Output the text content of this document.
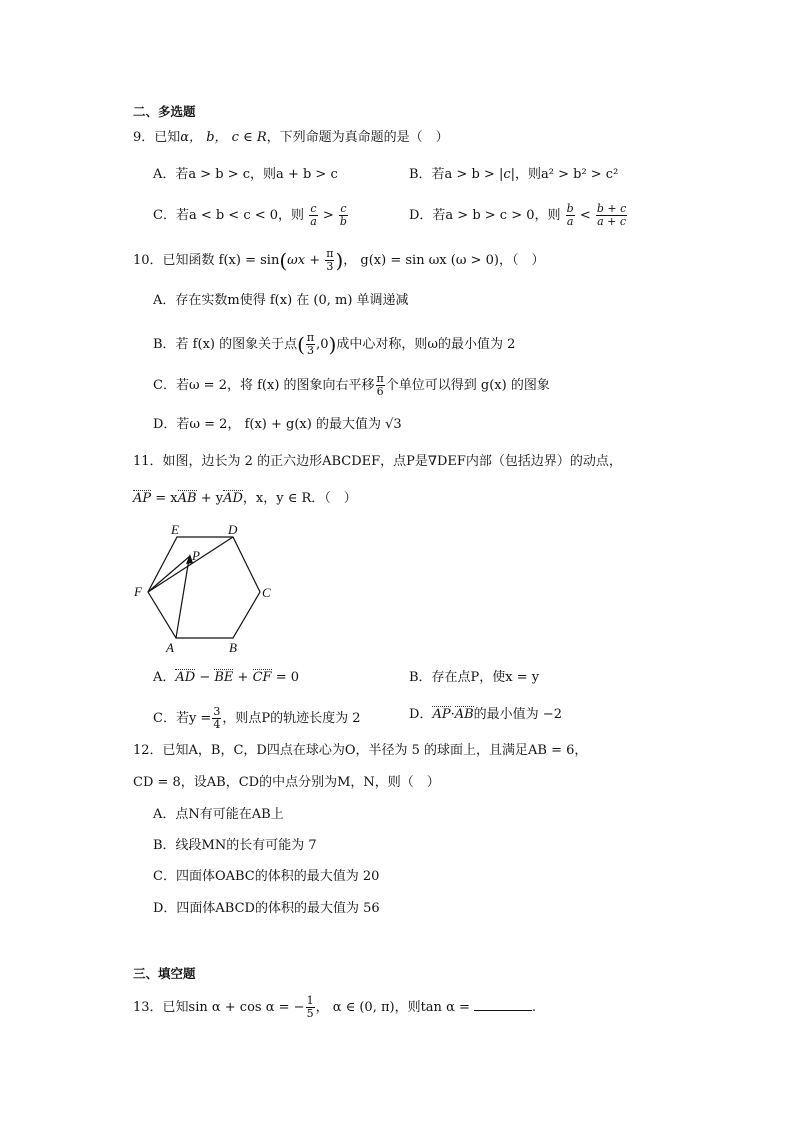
二、多选题
9．已知α， b， c ∈ R，下列命题为真命题的是（　）
A．若a > b > c，则a + b > c	B．若a > b > |c|，则a² > b² > c²
C．若a < b < c < 0，则 $\frac{c}{a} > \frac{c}{b}$	D．若a > b > c > 0，则 $\frac{b}{a} < \frac{b + c}{a + c}$
10．已知函数 $f(x) = \sin(\omega x + \frac{\pi}{3}$ )， g(x) = sin ωx (ω > 0)，（　）
A．存在实数m使得 f(x) 在 (0, m) 单调递减
B．若 f(x) 的图象关于点( $\frac{\pi}{3} ,0$)成中心对称，则ω的最小值为 2
C．若ω = 2，将 f(x) 的图象向右平移 $\frac{\pi}{6}$ 个单位可以得到 g(x) 的图象
D．若ω = 2， f(x) + g(x) 的最大值为 √3
11．如图，边长为 2 的正六边形ABCDEF，点P是∇DEF内部（包括边界）的动点，
AP = xAB + yAD，x，y ∈ R．（　）
E	D
F	C
A	B
P
A．AD − BE + CF = 0	B．存在点P，使x = y
C．若$y = \frac{3}{4}$ ，则点P的轨迹长度为 2	D．AP·AB的最小值为 −2
12．已知A，B，C，D四点在球心为O，半径为 5 的球面上，且满足AB = 6，
CD = 8，设AB，CD的中点分别为M，N，则（　）
A．点N有可能在AB上
B．线段MN的长有可能为 7
C．四面体OABC的体积的最大值为 20
D．四面体ABCD的体积的最大值为 56
三、填空题
13．已知sin α + cos α = − $\frac{1}{5}$ ， α ∈ (0, π)，则tan α =	.
